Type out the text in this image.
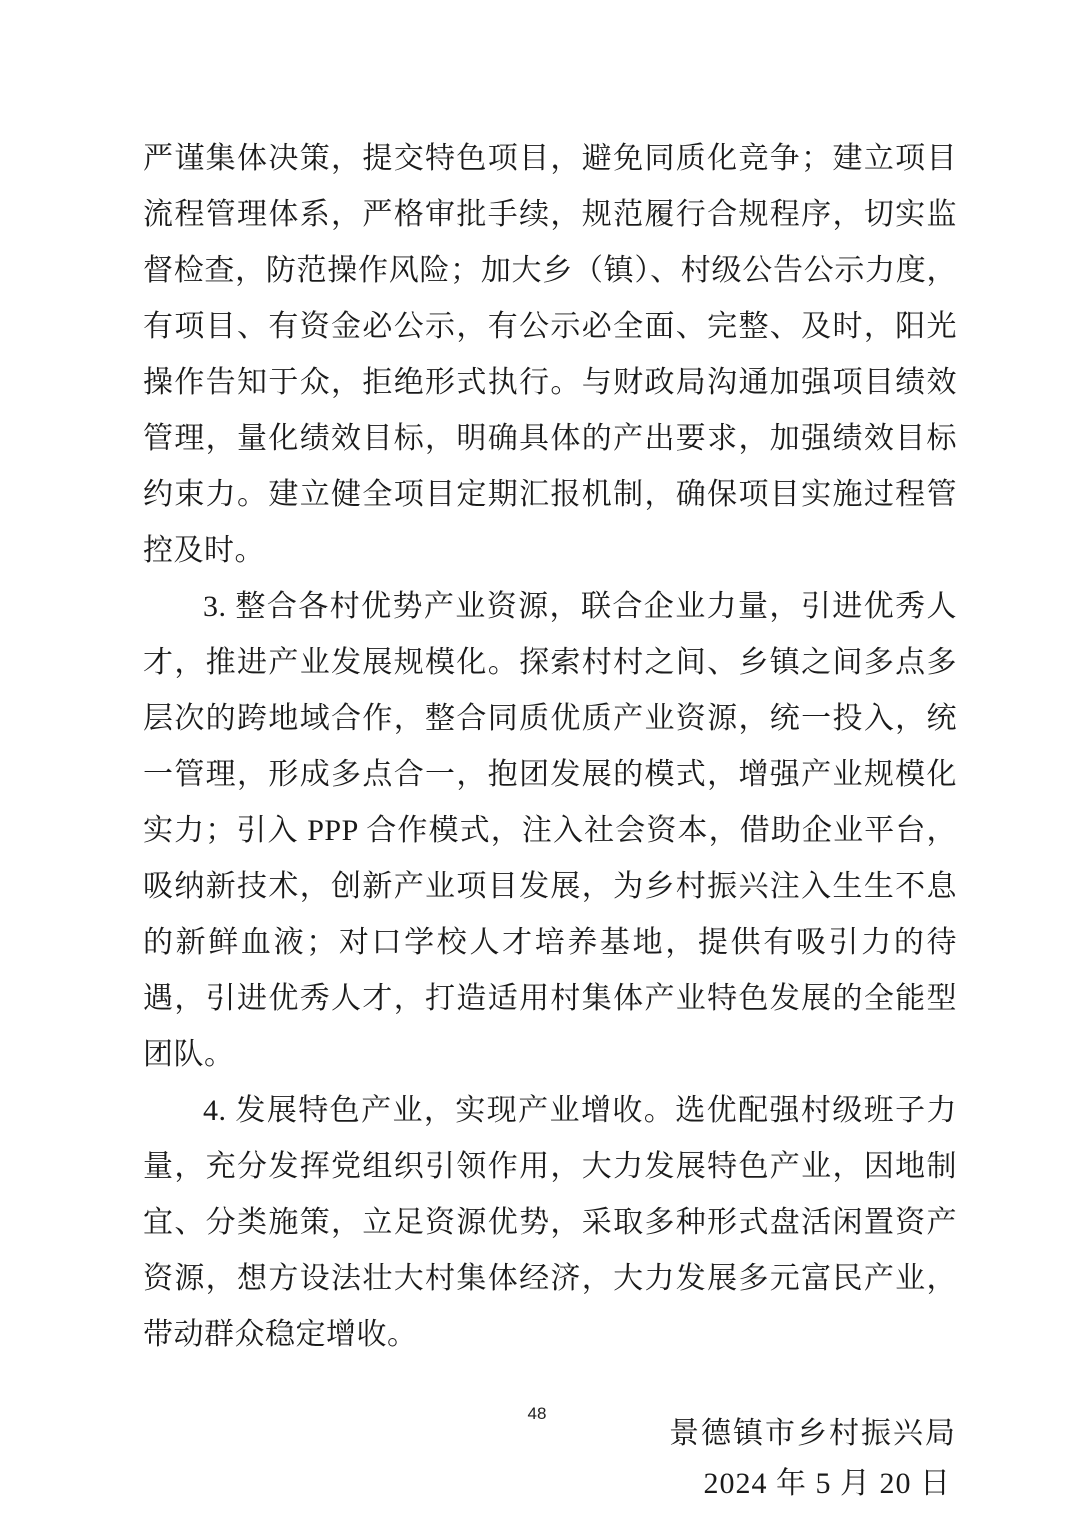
严谨集体决策，提交特色项目，避免同质化竞争；建立项目流程管理体系，严格审批手续，规范履行合规程序，切实监督检查，防范操作风险；加大乡（镇）、村级公告公示力度，有项目、有资金必公示，有公示必全面、完整、及时，阳光操作告知于众，拒绝形式执行。与财政局沟通加强项目绩效管理，量化绩效目标，明确具体的产出要求，加强绩效目标约束力。建立健全项目定期汇报机制，确保项目实施过程管控及时。

3. 整合各村优势产业资源，联合企业力量，引进优秀人才，推进产业发展规模化。探索村村之间、乡镇之间多点多层次的跨地域合作，整合同质优质产业资源，统一投入，统一管理，形成多点合一，抱团发展的模式，增强产业规模化实力；引入 PPP 合作模式，注入社会资本，借助企业平台，吸纳新技术，创新产业项目发展，为乡村振兴注入生生不息的新鲜血液；对口学校人才培养基地，提供有吸引力的待遇，引进优秀人才，打造适用村集体产业特色发展的全能型团队。

4. 发展特色产业，实现产业增收。选优配强村级班子力量，充分发挥党组织引领作用，大力发展特色产业，因地制宜、分类施策，立足资源优势，采取多种形式盘活闲置资产资源，想方设法壮大村集体经济，大力发展多元富民产业，带动群众稳定增收。

景德镇市乡村振兴局
2024 年 5 月 20 日
48
